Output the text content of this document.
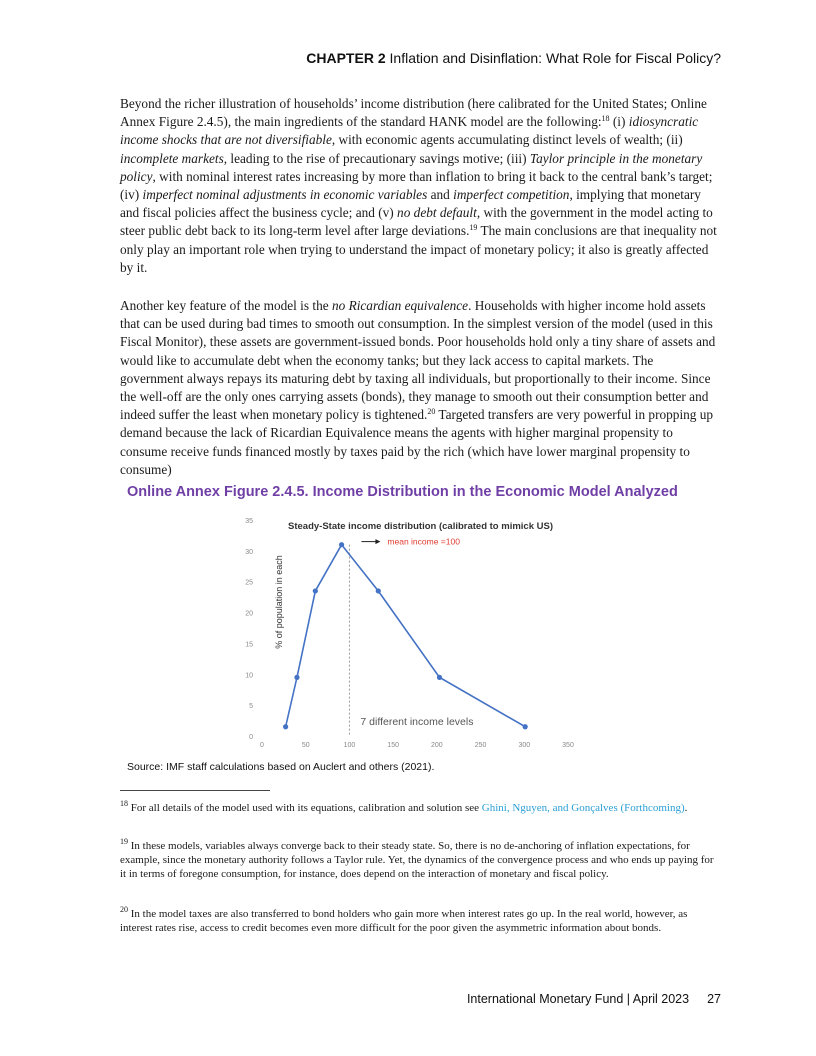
CHAPTER 2 Inflation and Disinflation: What Role for Fiscal Policy?

Beyond the richer illustration of households’ income distribution (here calibrated for the United States; Online Annex Figure 2.4.5), the main ingredients of the standard HANK model are the following:$^{18}$ (i) idiosyncratic income shocks that are not diversifiable, with economic agents accumulating distinct levels of wealth; (ii) incomplete markets, leading to the rise of precautionary savings motive; (iii) Taylor principle in the monetary policy, with nominal interest rates increasing by more than inflation to bring it back to the central bank’s target; (iv) imperfect nominal adjustments in economic variables and imperfect competition, implying that monetary and fiscal policies affect the business cycle; and (v) no debt default, with the government in the model acting to steer public debt back to its long-term level after large deviations.$^{19}$ The main conclusions are that inequality not only play an important role when trying to understand the impact of monetary policy; it also is greatly affected by it.

Another key feature of the model is the no Ricardian equivalence. Households with higher income hold assets that can be used during bad times to smooth out consumption. In the simplest version of the model (used in this Fiscal Monitor), these assets are government-issued bonds. Poor households hold only a tiny share of assets and would like to accumulate debt when the economy tanks; but they lack access to capital markets. The government always repays its maturing debt by taxing all individuals, but proportionally to their income. Since the well-off are the only ones carrying assets (bonds), they manage to smooth out their consumption better and indeed suffer the least when monetary policy is tightened.$^{20}$ Targeted transfers are very powerful in propping up demand because the lack of Ricardian Equivalence means the agents with higher marginal propensity to consume receive funds financed mostly by taxes paid by the rich (which have lower marginal propensity to consume)

Online Annex Figure 2.4.5. Income Distribution in the Economic Model Analyzed
0
5
10
15
20
25
30
35
0	50	100	150	200	250	300	350
Steady-State income distribution (calibrated to mimick US)
% of population in each
mean income =100
7 different income levels
Source: IMF staff calculations based on Auclert and others (2021).

$^{18}$ For all details of the model used with its equations, calibration and solution see Ghini, Nguyen, and Gonçalves (Forthcoming).

$^{19}$ In these models, variables always converge back to their steady state. So, there is no de-anchoring of inflation expectations, for example, since the monetary authority follows a Taylor rule. Yet, the dynamics of the convergence process and who ends up paying for it in terms of foregone consumption, for instance, does depend on the interaction of monetary and fiscal policy.

$^{20}$ In the model taxes are also transferred to bond holders who gain more when interest rates go up. In the real world, however, as interest rates rise, access to credit becomes even more difficult for the poor given the asymmetric information about bonds.

International Monetary Fund | April 2023 27
